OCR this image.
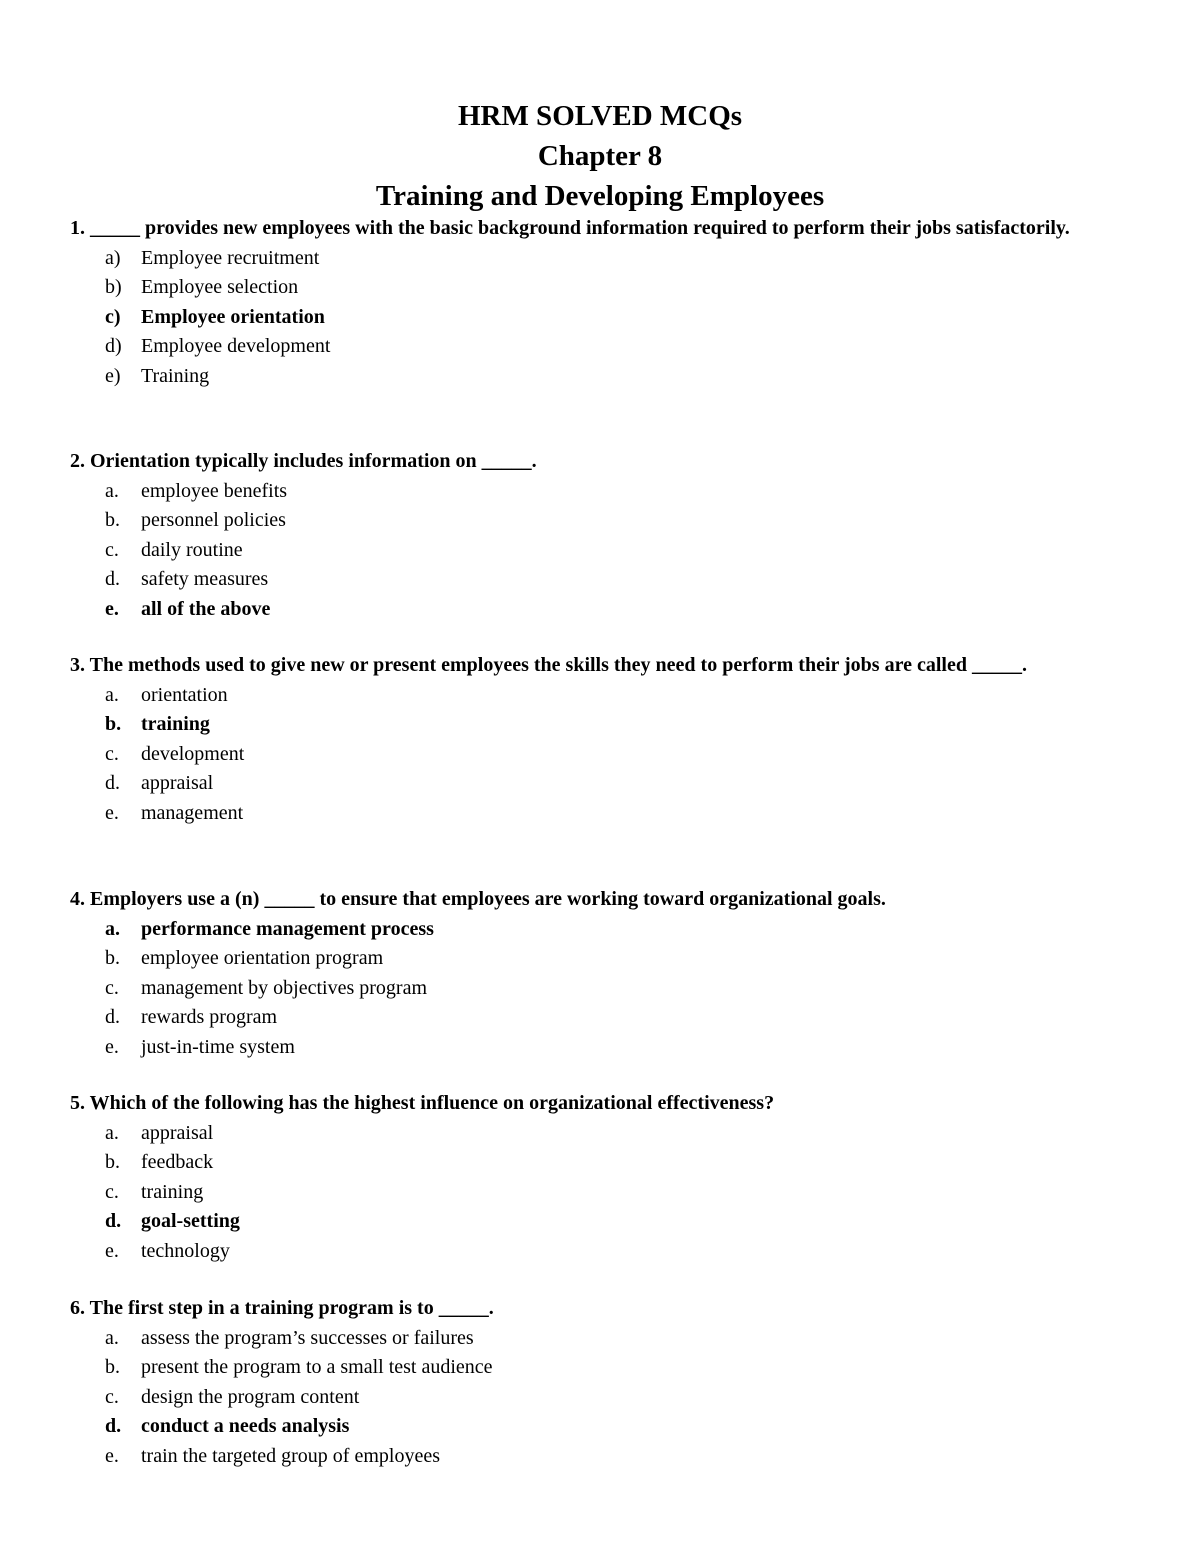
HRM SOLVED MCQs
Chapter 8
Training and Developing Employees

1. _____ provides new employees with the basic background information required to perform their jobs satisfactorily.

a) Employee recruitment
b) Employee selection
c) Employee orientation
d) Employee development
e) Training

2. Orientation typically includes information on _____.

a. employee benefits
b. personnel policies
c. daily routine
d. safety measures
e. all of the above

3. The methods used to give new or present employees the skills they need to perform their jobs are called _____.

a. orientation
b. training
c. development
d. appraisal
e. management

4. Employers use a (n) _____ to ensure that employees are working toward organizational goals.

a. performance management process
b. employee orientation program
c. management by objectives program
d. rewards program
e. just-in-time system

5. Which of the following has the highest influence on organizational effectiveness?

a. appraisal
b. feedback
c. training
d. goal-setting
e. technology

6. The first step in a training program is to _____.

a. assess the program’s successes or failures
b. present the program to a small test audience
c. design the program content
d. conduct a needs analysis
e. train the targeted group of employees
